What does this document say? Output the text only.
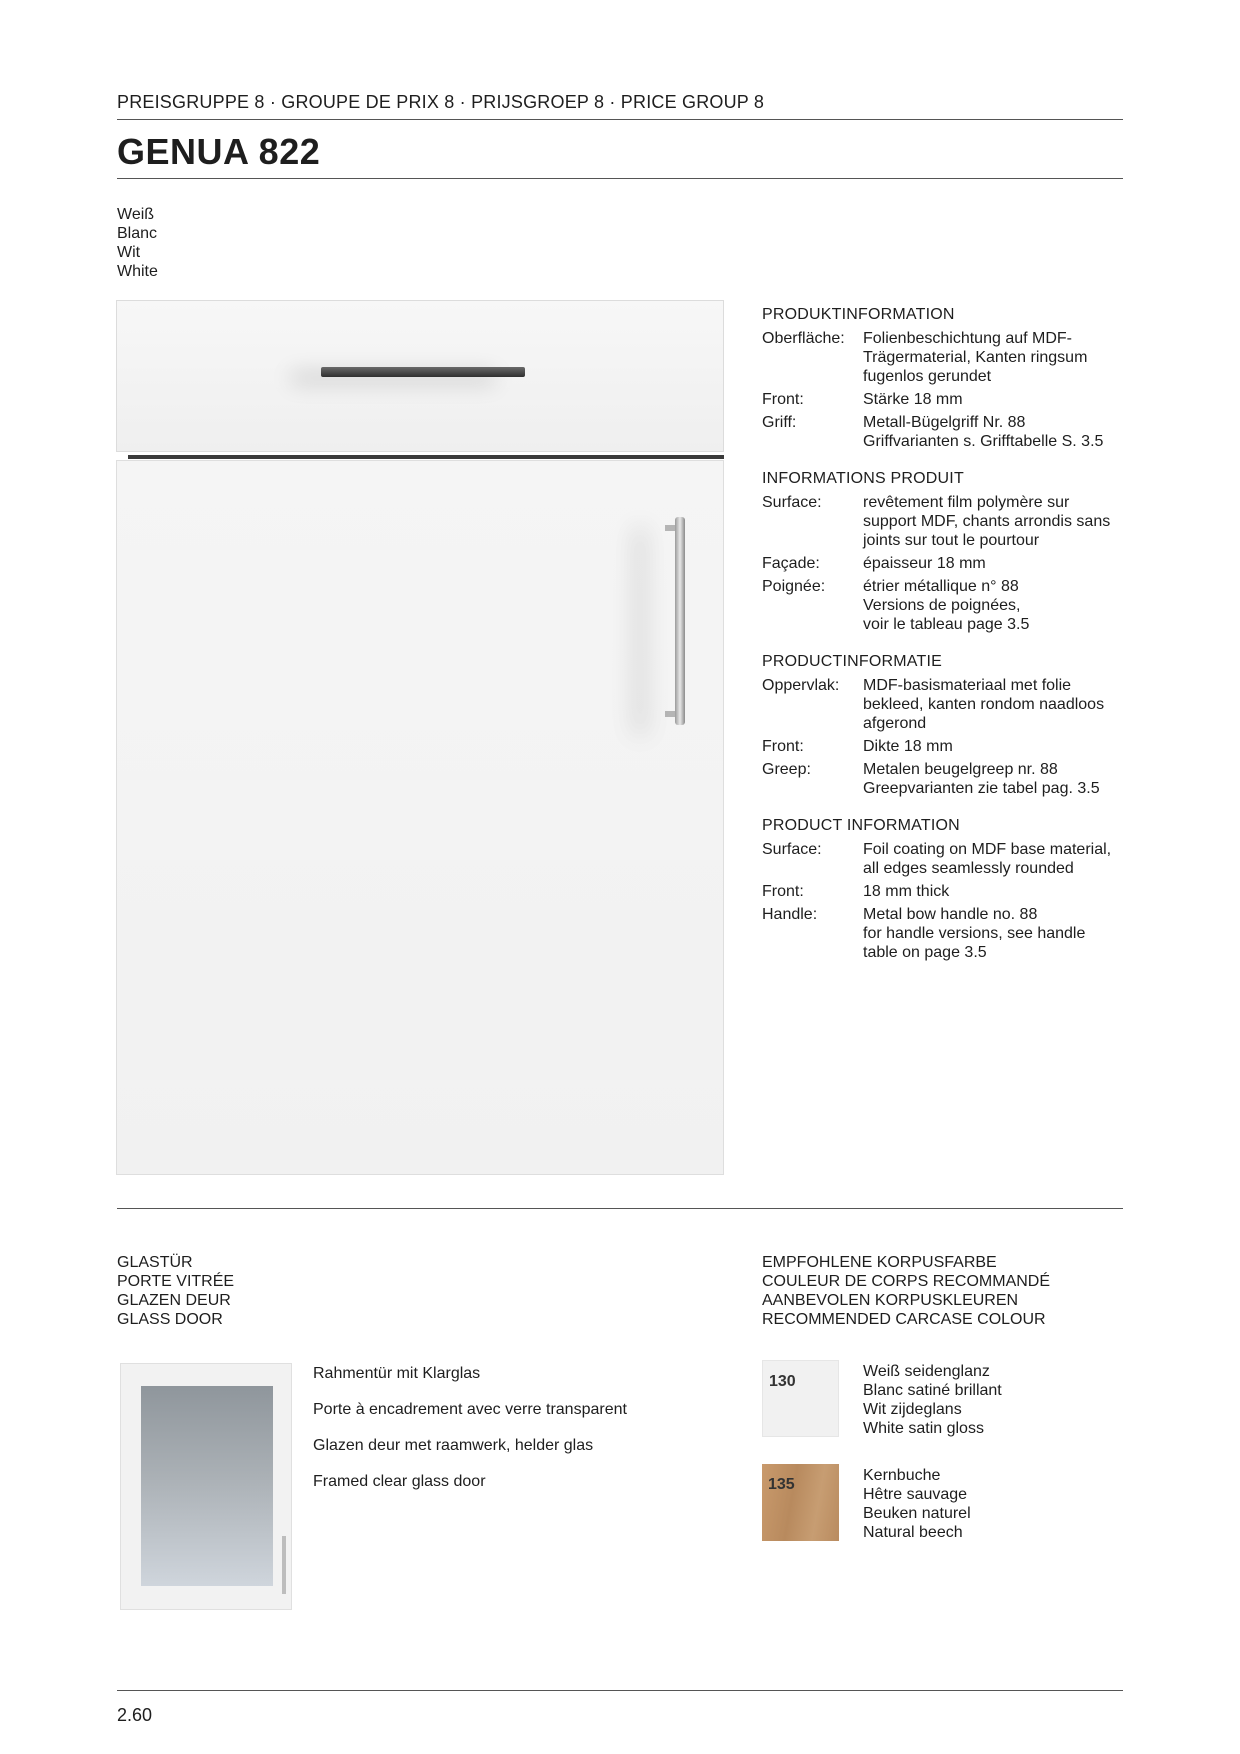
PREISGRUPPE 8 · GROUPE DE PRIX 8 · PRIJSGROEP 8 · PRICE GROUP 8
GENUA 822
Weiß
Blanc
Wit
White
PRODUKTINFORMATION
Oberfläche:	Folienbeschichtung auf MDF-
Trägermaterial, Kanten ringsum
fugenlos gerundet
Front:	Stärke 18 mm
Griff:	Metall-Bügelgriff Nr. 88
Griffvarianten s. Grifftabelle S. 3.5
INFORMATIONS PRODUIT
Surface:	revêtement film polymère sur
support MDF, chants arrondis sans
joints sur tout le pourtour
Façade:	épaisseur 18 mm
Poignée:	étrier métallique n° 88
Versions de poignées,
voir le tableau page 3.5
PRODUCTINFORMATIE
Oppervlak:	MDF-basismateriaal met folie
bekleed, kanten rondom naadloos
afgerond
Front:	Dikte 18 mm
Greep:	Metalen beugelgreep nr. 88
Greepvarianten zie tabel pag. 3.5
PRODUCT INFORMATION
Surface:	Foil coating on MDF base material,
all edges seamlessly rounded
Front:	18 mm thick
Handle:	Metal bow handle no. 88
for handle versions, see handle
table on page 3.5
GLASTÜR
PORTE VITRÉE
GLAZEN DEUR
GLASS DOOR
Rahmentür mit Klarglas
Porte à encadrement avec verre transparent
Glazen deur met raamwerk, helder glas
Framed clear glass door
EMPFOHLENE KORPUSFARBE
COULEUR DE CORPS RECOMMANDÉ
AANBEVOLEN KORPUSKLEUREN
RECOMMENDED CARCASE COLOUR
130
Weiß seidenglanz
Blanc satiné brillant
Wit zijdeglans
White satin gloss
135
Kernbuche
Hêtre sauvage
Beuken naturel
Natural beech
2.60
